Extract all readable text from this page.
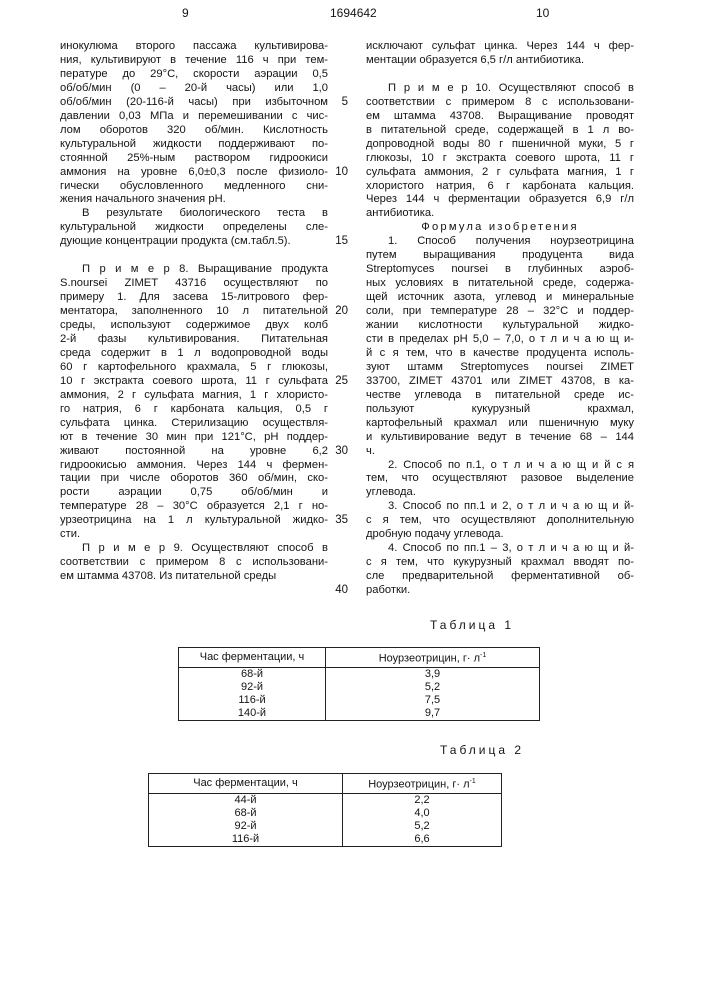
9	1694642	10
инокулюма второго пассажа культивирова-
ния, культивируют в течение 116 ч при тем-
пературе до 29°С, скорости аэрации 0,5
об/об/мин (0 – 20-й часы) или 1,0
об/об/мин (20-116-й часы) при избыточном
давлении 0,03 МПа и перемешивании с чис-
лом оборотов 320 об/мин. Кислотность
культуральной жидкости поддерживают по-
стоянной 25%-ным раствором гидроокиси
аммония на уровне 6,0±0,3 после физиоло-
гически обусловленного медленного сни-
жения начального значения pH.
В результате биологического теста в
культуральной жидкости определены сле-
дующие концентрации продукта (см.табл.5).
П р и м е р 8. Выращивание продукта
S.noursei ZIMET 43716 осуществляют по
примеру 1. Для засева 15-литрового фер-
ментатора, заполненного 10 л питательной
среды, используют содержимое двух колб
2-й фазы культивирования. Питательная
среда содержит в 1 л водопроводной воды
60 г картофельного крахмала, 5 г глюкозы,
10 г экстракта соевого шрота, 11 г сульфата
аммония, 2 г сульфата магния, 1 г хлористо-
го натрия, 6 г карбоната кальция, 0,5 г
сульфата цинка. Стерилизацию осуществля-
ют в течение 30 мин при 121°С, pH поддер-
живают постоянной на уровне 6,2
гидроокисью аммония. Через 144 ч фермен-
тации при числе оборотов 360 об/мин, ско-
рости аэрации 0,75 об/об/мин и
температуре 28 – 30°С образуется 2,1 г но-
урзеотрицина на 1 л культуральной жидко-
сти.
П р и м е р 9. Осуществляют способ в
соответствии с примером 8 с использовани-
ем штамма 43708. Из питательной среды
исключают сульфат цинка. Через 144 ч фер-
ментации образуется 6,5 г/л антибиотика.
П р и м е р 10. Осуществляют способ в
соответствии с примером 8 с использовани-
ем штамма 43708. Выращивание проводят
в питательной среде, содержащей в 1 л во-
допроводной воды 80 г пшеничной муки, 5 г
глюкозы, 10 г экстракта соевого шрота, 11 г
сульфата аммония, 2 г сульфата магния, 1 г
хлористого натрия, 6 г карбоната кальция.
Через 144 ч ферментации образуется 6,9 г/л
антибиотика.
Формула изобретения
1. Способ получения ноурзеотрицина
путем выращивания продуцента вида
Streptomyces noursei в глубинных аэроб-
ных условиях в питательной среде, содержа-
щей источник азота, углевод и минеральные
соли, при температуре 28 – 32°С и поддер-
жании кислотности культуральной жидко-
сти в пределах pH 5,0 – 7,0, о т л и ч а ю щ и-
й с я тем, что в качестве продуцента исполь-
зуют штамм Streptomyces noursei ZIMET
33700, ZIMET 43701 или ZIMET 43708, в ка-
честве углевода в питательной среде ис-
пользуют кукурузный крахмал,
картофельный крахмал или пшеничную муку
и культивирование ведут в течение 68 – 144
ч.
2. Способ по п.1, о т л и ч а ю щ и й с я
тем, что осуществляют разовое выделение
углевода.
3. Способ по пп.1 и 2, о т л и ч а ю щ и й-
с я тем, что осуществляют дополнительную
дробную подачу углевода.
4. Способ по пп.1 – 3, о т л и ч а ю щ и й-
с я тем, что кукурузный крахмал вводят по-
сле предварительной ферментативной об-
работки.
5
10
15
20
25
30
35
40
Таблица 1
Час ферментации, ч	Ноурзеотрицин, г· л-1
68-й	3,9
92-й	5,2
116-й	7,5
140-й	9,7
Таблица 2
Час ферментации, ч	Ноурзеотрицин, г· л-1
44-й	2,2
68-й	4,0
92-й	5,2
116-й	6,6
